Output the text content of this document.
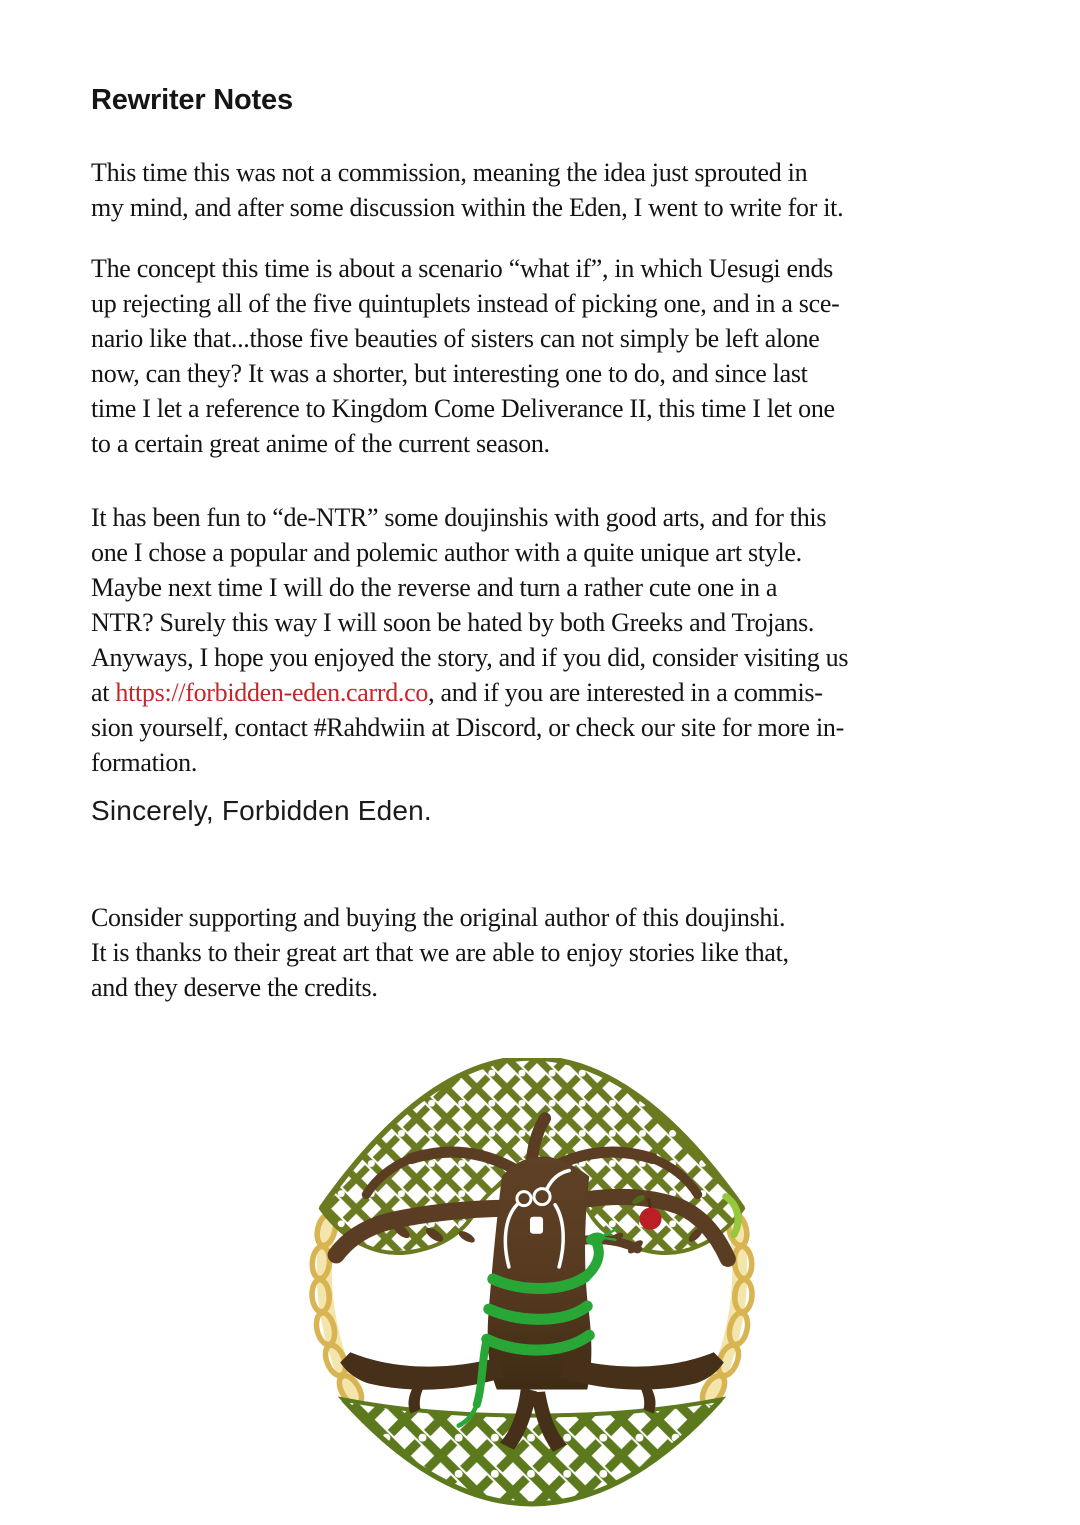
Rewriter Notes
This time this was not a commission, meaning the idea just sprouted in
my mind, and after some discussion within the Eden, I went to write for it.
The concept this time is about a scenario “what if”, in which Uesugi ends
up rejecting all of the five quintuplets instead of picking one, and in a sce-
nario like that...those five beauties of sisters can not simply be left alone
now, can they? It was a shorter, but interesting one to do, and since last
time I let a reference to Kingdom Come Deliverance II, this time I let one
to a certain great anime of the current season.
It has been fun to “de-NTR” some doujinshis with good arts, and for this
one I chose a popular and polemic author with a quite unique art style.
Maybe next time I will do the reverse and turn a rather cute one in a
NTR? Surely this way I will soon be hated by both Greeks and Trojans.
Anyways, I hope you enjoyed the story, and if you did, consider visiting us
at https://forbidden-eden.carrd.co, and if you are interested in a commis-
sion yourself, contact #Rahdwiin at Discord, or check our site for more in-
formation.
Sincerely, Forbidden Eden.
Consider supporting and buying the original author of this doujinshi.
It is thanks to their great art that we are able to enjoy stories like that,
and they deserve the credits.
